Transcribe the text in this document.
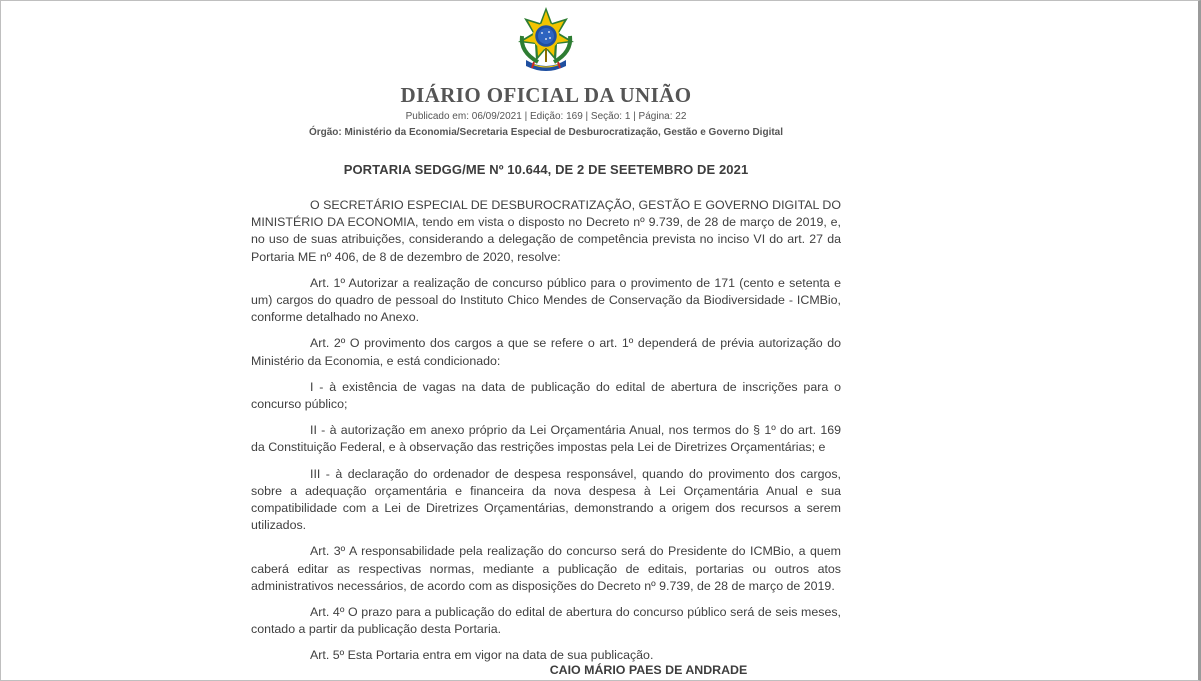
DIÁRIO OFICIAL DA UNIÃO
Publicado em: 06/09/2021 | Edição: 169 | Seção: 1 | Página: 22
Órgão: Ministério da Economia/Secretaria Especial de Desburocratização, Gestão e Governo Digital
PORTARIA SEDGG/ME Nº 10.644, DE 2 DE SEETEMBRO DE 2021

O SECRETÁRIO ESPECIAL DE DESBUROCRATIZAÇÃO, GESTÃO E GOVERNO DIGITAL DO MINISTÉRIO DA ECONOMIA, tendo em vista o disposto no Decreto nº 9.739, de 28 de março de 2019, e, no uso de suas atribuições, considerando a delegação de competência prevista no inciso VI do art. 27 da Portaria ME nº 406, de 8 de dezembro de 2020, resolve:

Art. 1º Autorizar a realização de concurso público para o provimento de 171 (cento e setenta e um) cargos do quadro de pessoal do Instituto Chico Mendes de Conservação da Biodiversidade - ICMBio, conforme detalhado no Anexo.

Art. 2º O provimento dos cargos a que se refere o art. 1º dependerá de prévia autorização do Ministério da Economia, e está condicionado:

I - à existência de vagas na data de publicação do edital de abertura de inscrições para o concurso público;

II - à autorização em anexo próprio da Lei Orçamentária Anual, nos termos do § 1º do art. 169 da Constituição Federal, e à observação das restrições impostas pela Lei de Diretrizes Orçamentárias; e

III - à declaração do ordenador de despesa responsável, quando do provimento dos cargos, sobre a adequação orçamentária e financeira da nova despesa à Lei Orçamentária Anual e sua compatibilidade com a Lei de Diretrizes Orçamentárias, demonstrando a origem dos recursos a serem utilizados.

Art. 3º A responsabilidade pela realização do concurso será do Presidente do ICMBio, a quem caberá editar as respectivas normas, mediante a publicação de editais, portarias ou outros atos administrativos necessários, de acordo com as disposições do Decreto nº 9.739, de 28 de março de 2019.

Art. 4º O prazo para a publicação do edital de abertura do concurso público será de seis meses, contado a partir da publicação desta Portaria.

Art. 5º Esta Portaria entra em vigor na data de sua publicação.

CAIO MÁRIO PAES DE ANDRADE
